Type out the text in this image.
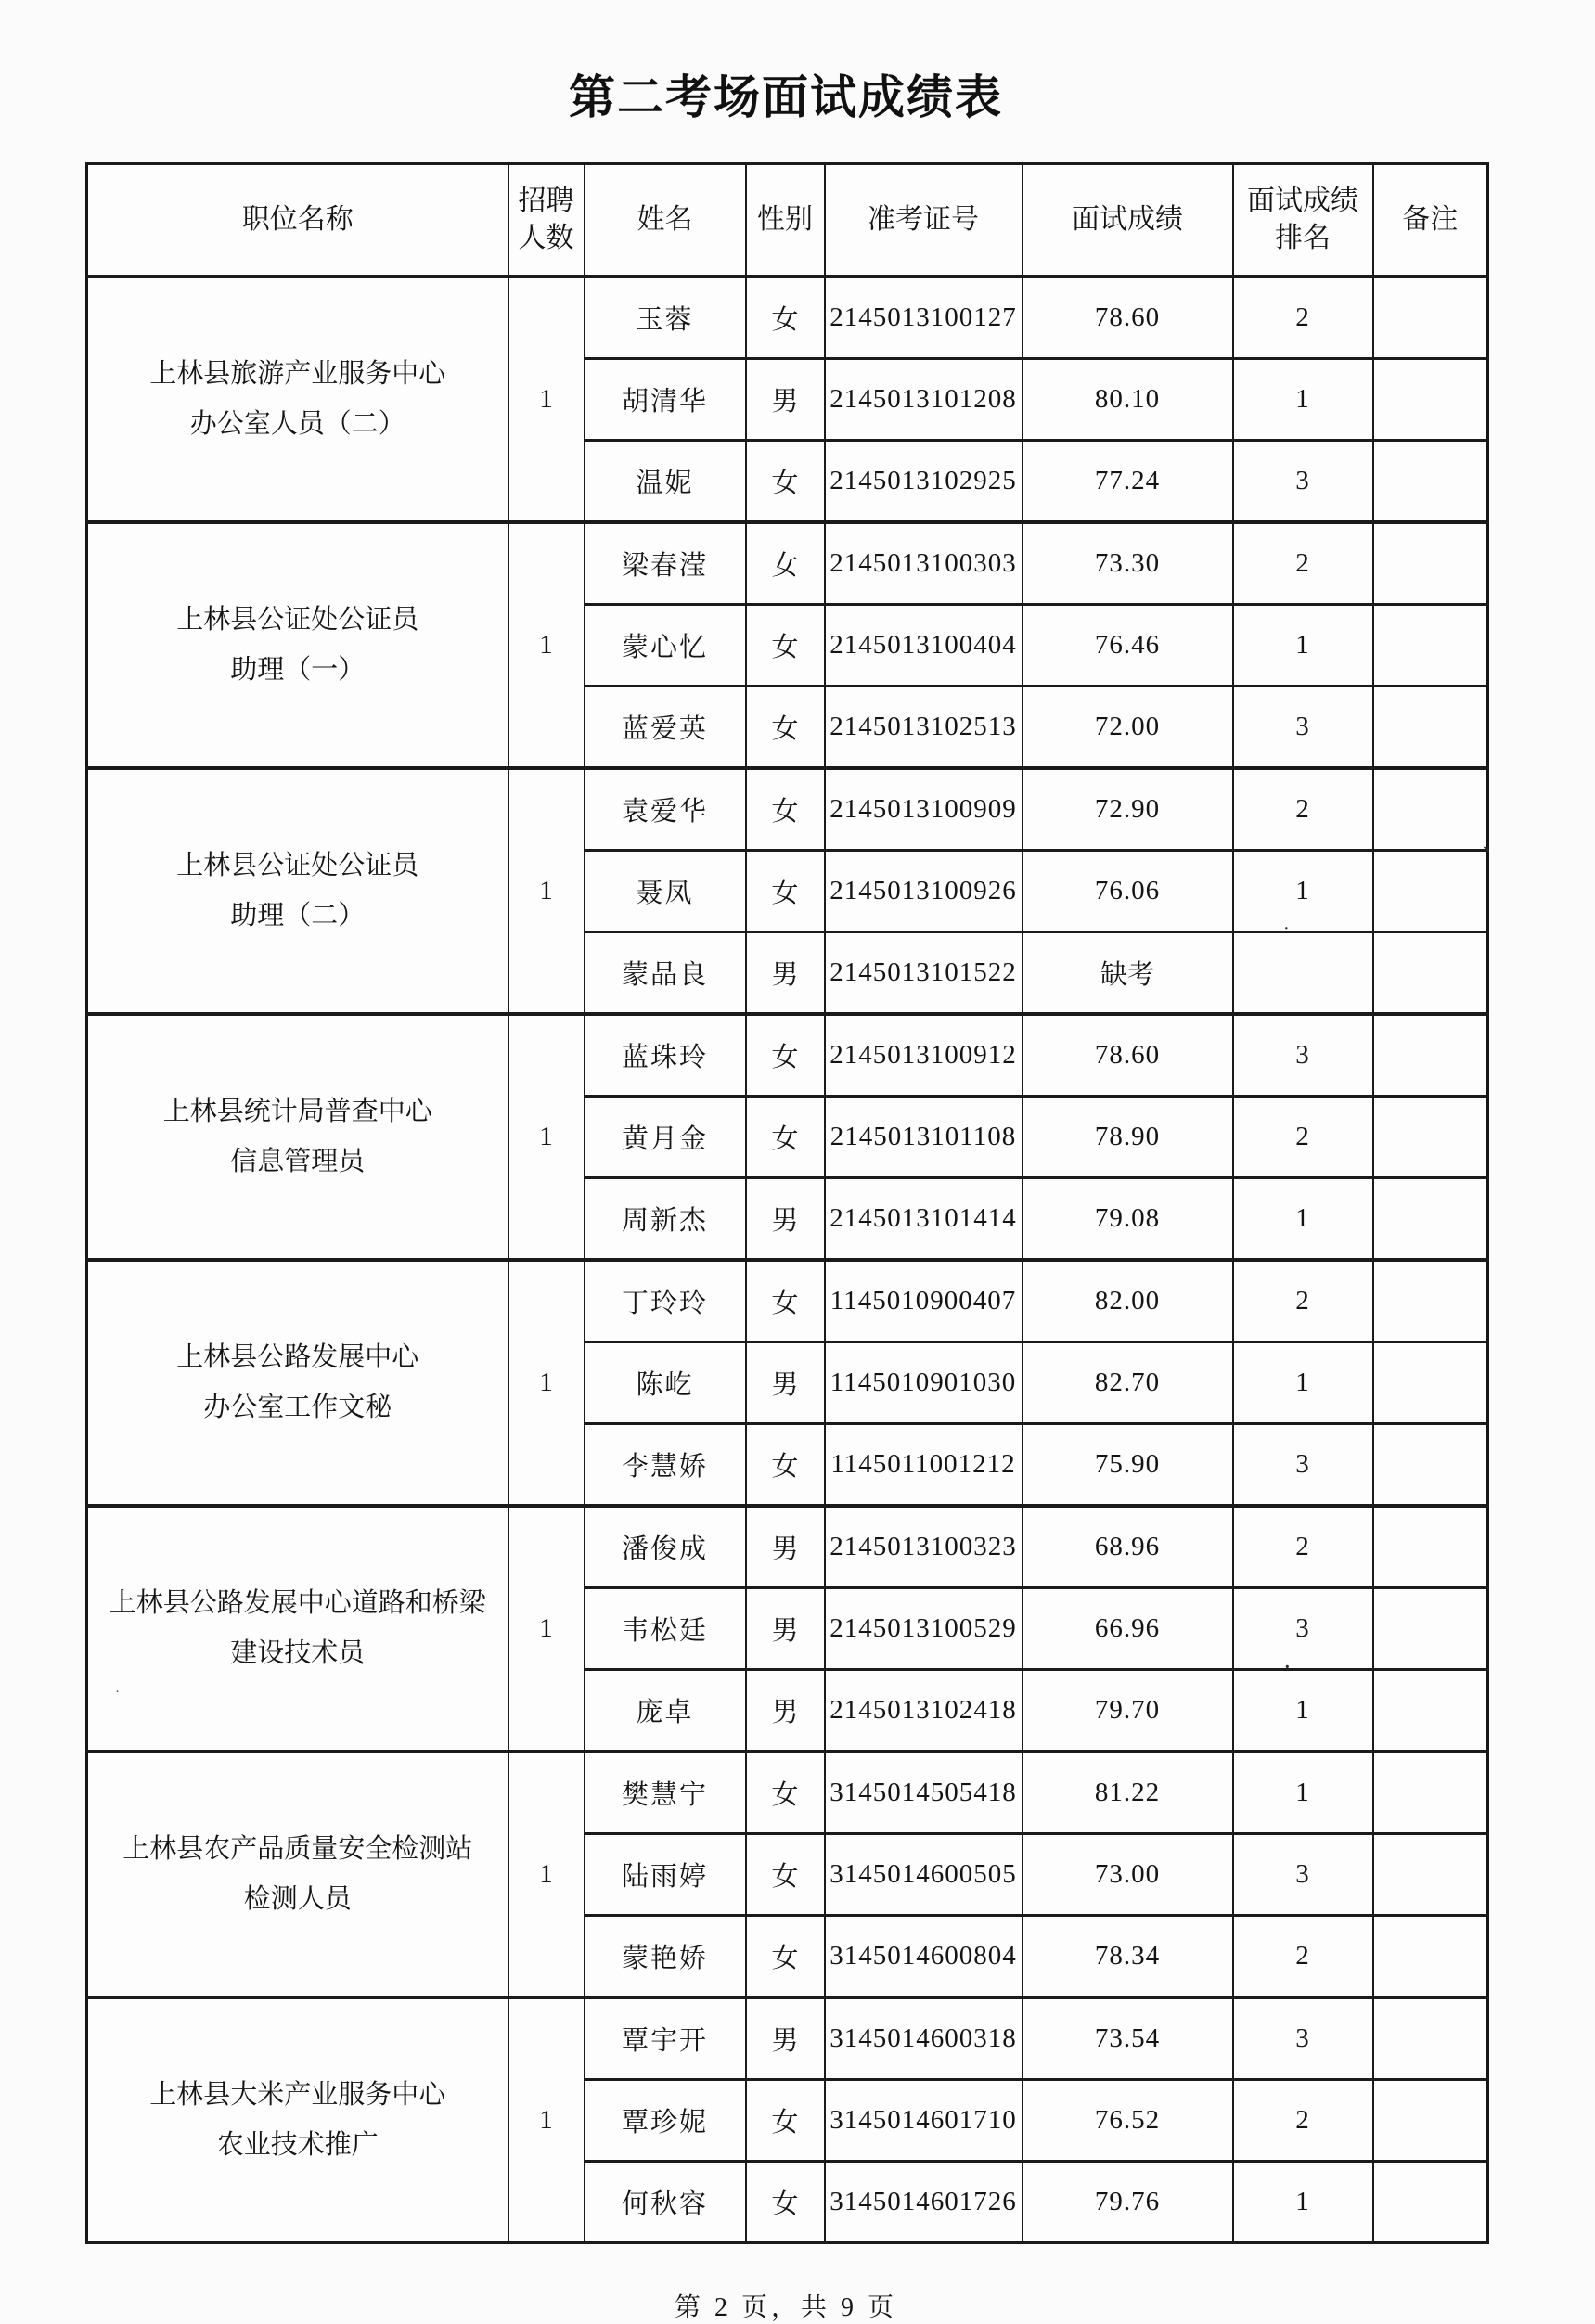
第二考场面试成绩表
职位名称	招聘人数	姓名	性别	准考证号	面试成绩	面试成绩排名	备注

上林县旅游产业服务中心
办公室人员（二）	1	玉蓉	女	2145013100127	78.60	2	
		胡清华	男	2145013101208	80.10	1	
		温妮	女	2145013102925	77.24	3	

上林县公证处公证员
助理（一）	1	梁春滢	女	2145013100303	73.30	2	
		蒙心忆	女	2145013100404	76.46	1	
		蓝爱英	女	2145013102513	72.00	3	

上林县公证处公证员
助理（二）	1	袁爱华	女	2145013100909	72.90	2	
		聂凤	女	2145013100926	76.06	1	
		蒙品良	男	2145013101522	缺考		

上林县统计局普查中心
信息管理员	1	蓝珠玲	女	2145013100912	78.60	3	
		黄月金	女	2145013101108	78.90	2	
		周新杰	男	2145013101414	79.08	1	

上林县公路发展中心
办公室工作文秘	1	丁玲玲	女	1145010900407	82.00	2	
		陈屹	男	1145010901030	82.70	1	
		李慧娇	女	1145011001212	75.90	3	

上林县公路发展中心道路和桥梁
建设技术员	1	潘俊成	男	2145013100323	68.96	2	
		韦松廷	男	2145013100529	66.96	3	
		庞卓	男	2145013102418	79.70	1	

上林县农产品质量安全检测站
检测人员	1	樊慧宁	女	3145014505418	81.22	1	
		陆雨婷	女	3145014600505	73.00	3	
		蒙艳娇	女	3145014600804	78.34	2	

上林县大米产业服务中心
农业技术推广	1	覃宇开	男	3145014600318	73.54	3	
		覃珍妮	女	3145014601710	76.52	2	
		何秋容	女	3145014601726	79.76	1	
第 2 页，共 9 页
`
·
·
·
